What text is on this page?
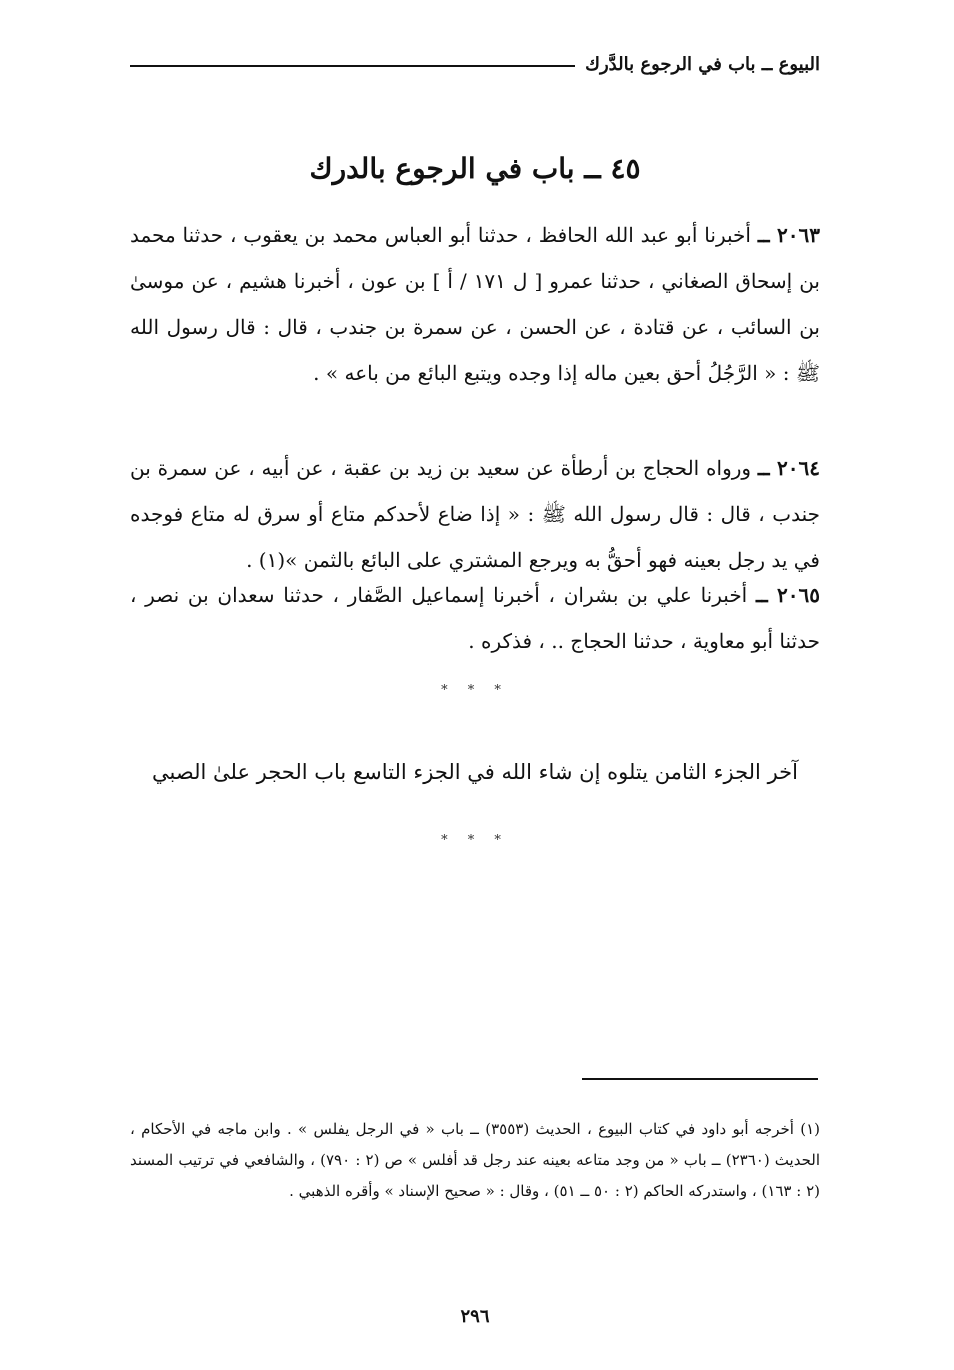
البيوع ــ باب في الرجوع بالدَّرك
٤٥ ــ باب في الرجوع بالدرك
٢٠٦٣ ــ أخبرنا أبو عبد الله الحافظ ، حدثنا أبو العباس محمد بن يعقوب ، حدثنا محمد بن إسحاق الصغاني ، حدثنا عمرو [ ل ١٧١ / أ ] بن عون ، أخبرنا هشيم ، عن موسىٰ بن السائب ، عن قتادة ، عن الحسن ، عن سمرة بن جندب ، قال : قال رسول الله ﷺ : « الرَّجُلُ أحق بعين ماله إذا وجده ويتبع البائع من باعه » .
٢٠٦٤ ــ ورواه الحجاج بن أرطأة عن سعيد بن زيد بن عقبة ، عن أبيه ، عن سمرة بن جندب ، قال : قال رسول الله ﷺ : « إذا ضاع لأحدكم متاع أو سرق له متاع فوجده في يد رجل بعينه فهو أحقُّ به ويرجع المشتري على البائع بالثمن »(١) .
٢٠٦٥ ــ أخبرنا علي بن بشران ، أخبرنا إسماعيل الصَّفار ، حدثنا سعدان بن نصر ، حدثنا أبو معاوية ، حدثنا الحجاج .. ، فذكره .
* * *
آخر الجزء الثامن يتلوه إن شاء الله في الجزء التاسع باب الحجر علىٰ الصبي
* * *
(١) أخرجه أبو داود في كتاب البيوع ، الحديث (٣٥٥٣) ــ باب « في الرجل يفلس » . وابن ماجه في الأحكام ، الحديث (٢٣٦٠) ــ باب « من وجد متاعه بعينه عند رجل قد أفلس » ص (٢ : ٧٩٠) ، والشافعي في ترتيب المسند (٢ : ١٦٣) ، واستدركه الحاكم (٢ : ٥٠ ــ ٥١) ، وقال : « صحيح الإسناد » وأقره الذهبي .
٢٩٦
